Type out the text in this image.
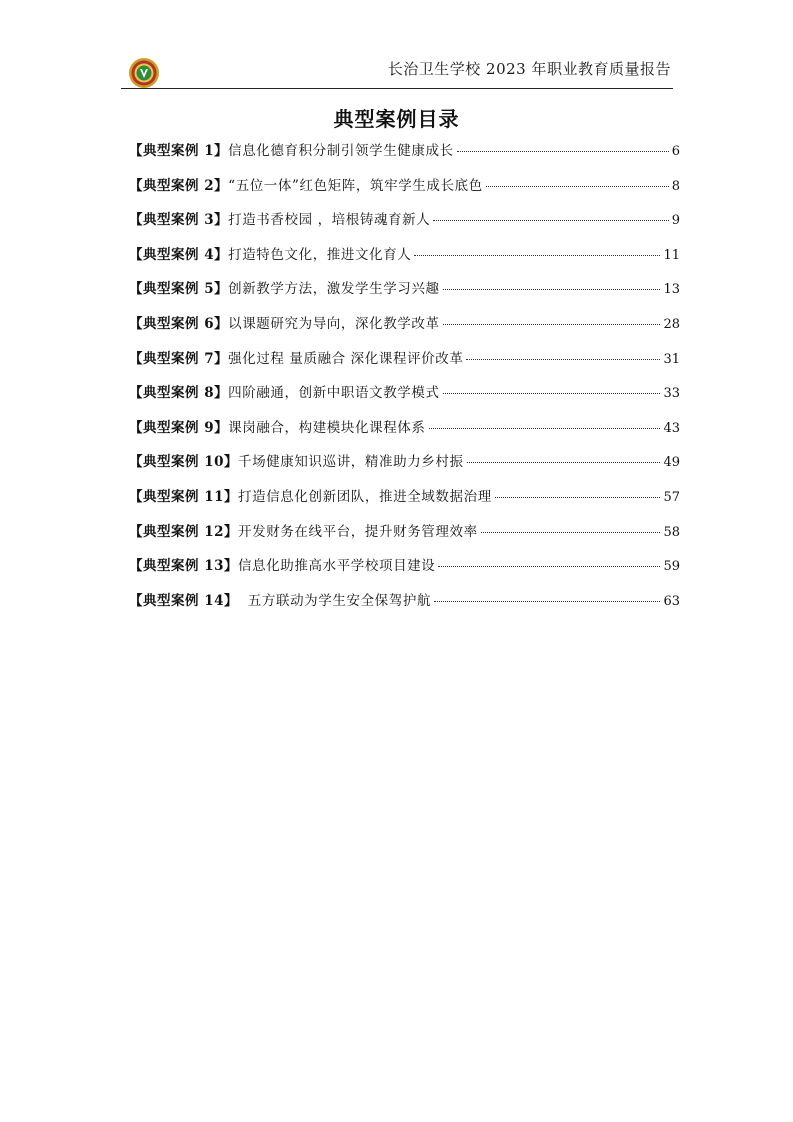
长治卫生学校 2023 年职业教育质量报告
典型案例目录
【典型案例 1】 信息化德育积分制引领学生健康成长	6
【典型案例 2】 “五位一体”红色矩阵，筑牢学生成长底色	8
【典型案例 3】 打造书香校园 ，培根铸魂育新人	9
【典型案例 4】 打造特色文化，推进文化育人	11
【典型案例 5】 创新教学方法，激发学生学习兴趣	13
【典型案例 6】 以课题研究为导向，深化教学改革	28
【典型案例 7】 强化过程 量质融合 深化课程评价改革	31
【典型案例 8】 四阶融通，创新中职语文教学模式	33
【典型案例 9】 课岗融合，构建模块化课程体系	43
【典型案例 10】 千场健康知识巡讲，精准助力乡村振	49
【典型案例 11】 打造信息化创新团队，推进全域数据治理	57
【典型案例 12】 开发财务在线平台，提升财务管理效率	58
【典型案例 13】 信息化助推高水平学校项目建设	59
【典型案例 14】 五方联动为学生安全保驾护航	63
